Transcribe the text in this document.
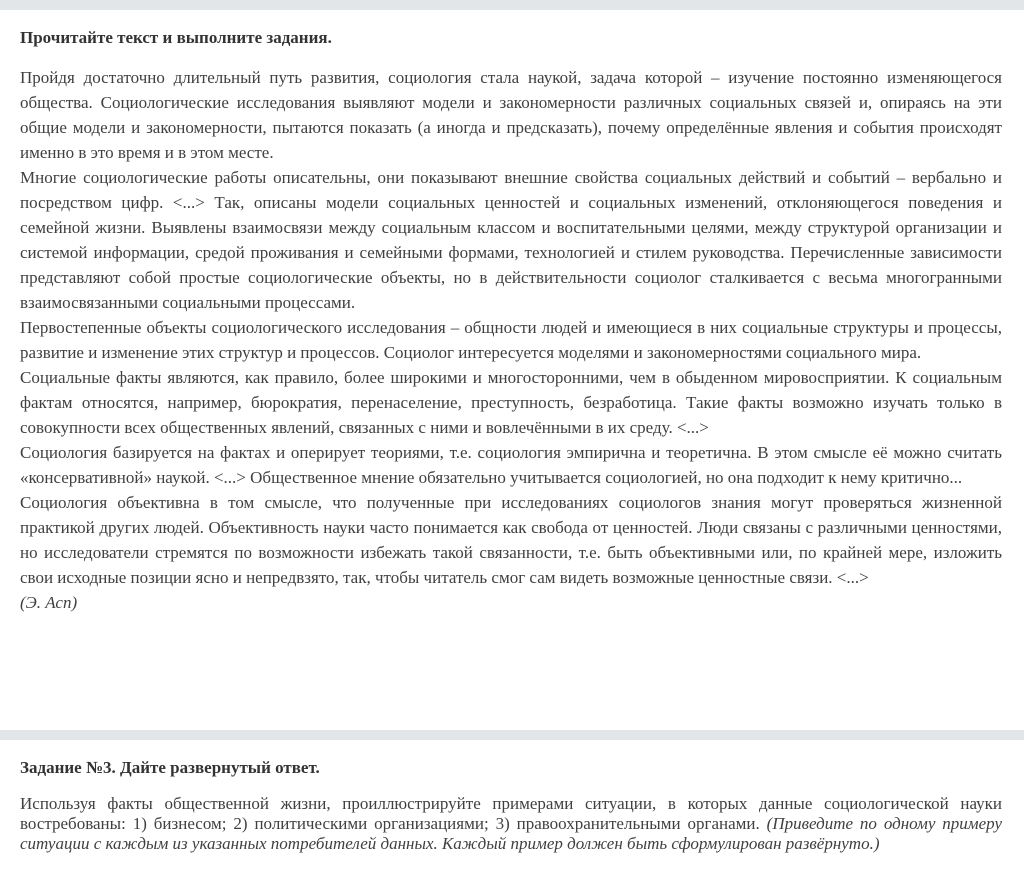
Прочитайте текст и выполните задания.

Пройдя достаточно длительный путь развития, социология стала наукой, задача которой – изучение постоянно изменяющегося общества. Социологические исследования выявляют модели и закономерности различных социальных связей и, опираясь на эти общие модели и закономерности, пытаются показать (а иногда и предсказать), почему определённые явления и события происходят именно в это время и в этом месте.

Многие социологические работы описательны, они показывают внешние свойства социальных действий и событий – вербально и посредством цифр. <...> Так, описаны модели социальных ценностей и социальных изменений, отклоняющегося поведения и семейной жизни. Выявлены взаимосвязи между социальным классом и воспитательными целями, между структурой организации и системой информации, средой проживания и семейными формами, технологией и стилем руководства. Перечисленные зависимости представляют собой простые социологические объекты, но в действительности социолог сталкивается с весьма многогранными взаимосвязанными социальными процессами.

Первостепенные объекты социологического исследования – общности людей и имеющиеся в них социальные структуры и процессы, развитие и изменение этих структур и процессов. Социолог интересуется моделями и закономерностями социального мира.

Социальные факты являются, как правило, более широкими и многосторонними, чем в обыденном мировосприятии. К социальным фактам относятся, например, бюрократия, перенаселение, преступность, безработица. Такие факты возможно изучать только в совокупности всех общественных явлений, связанных с ними и вовлечёнными в их среду. <...>

Социология базируется на фактах и оперирует теориями, т.е. социология эмпирична и теоретична. В этом смысле её можно считать «консервативной» наукой. <...> Общественное мнение обязательно учитывается социологией, но она подходит к нему критично...

Социология объективна в том смысле, что полученные при исследованиях социологов знания могут проверяться жизненной практикой других людей. Объективность науки часто понимается как свобода от ценностей. Люди связаны с различными ценностями, но исследователи стремятся по возможности избежать такой связанности, т.е. быть объективными или, по крайней мере, изложить свои исходные позиции ясно и непредвзято, так, чтобы читатель смог сам видеть возможные ценностные связи. <...>

(Э. Асп)

Задание №3. Дайте развернутый ответ.

Используя факты общественной жизни, проиллюстрируйте примерами ситуации, в которых данные социологической науки востребованы: 1) бизнесом; 2) политическими организациями; 3) правоохранительными органами. (Приведите по одному примеру ситуации с каждым из указанных потребителей данных. Каждый пример должен быть сформулирован развёрнуто.)
